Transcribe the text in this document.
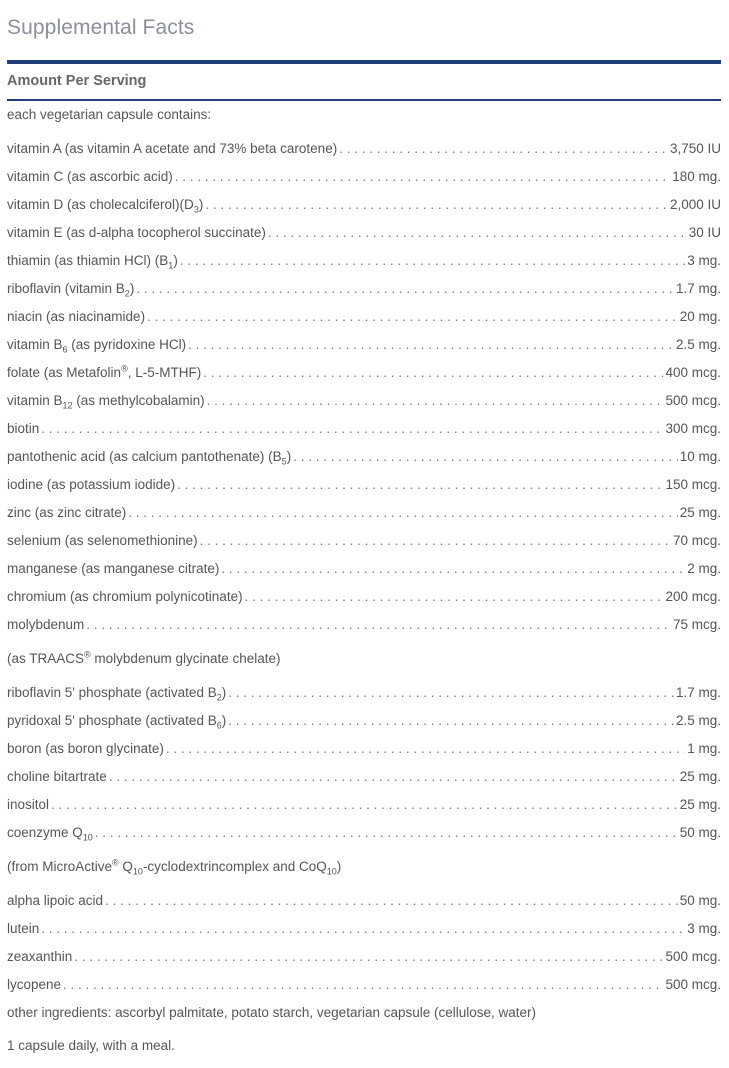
Supplemental Facts
Amount Per Serving
each vegetarian capsule contains:
vitamin A (as vitamin A acetate and 73% beta carotene) . . .	3,750 IU
vitamin C (as ascorbic acid) . . .	180 mg.
vitamin D (as $cholecalciferol)(D_3)$ . . .	2,000 IU
vitamin E (as d-alpha tocopherol succinate) . . .	30 IU
thiamin (as thiamin HCl) $(B_1)$ . . .	3 mg.
riboflavin (vitamin $B_2$) . . .	1.7 mg.
niacin (as niacinamide) . . .	20 mg.
vitamin $B_6$ (as pyridoxine HCl) . . .	2.5 mg.
folate (as Metafolin®, L-5-MTHF) . . .	400 mcg.
vitamin $B_{12}$ (as methylcobalamin) . . .	500 mcg.
biotin . . .	300 mcg.
pantothenic acid (as calcium pantothenate) $(B_5)$ . . .	10 mg.
iodine (as potassium iodide) . . .	150 mcg.
zinc (as zinc citrate) . . .	25 mg.
selenium (as selenomethionine) . . .	70 mcg.
manganese (as manganese citrate) . . .	2 mg.
chromium (as chromium polynicotinate) . . .	200 mcg.
molybdenum . . .	75 mcg.
(as TRAACS® molybdenum glycinate chelate)
riboflavin 5' phosphate (activated $B_2$) . . .	1.7 mg.
pyridoxal 5' phosphate (activated $B_6$) . . .	2.5 mg.
boron (as boron glycinate) . . .	1 mg.
choline bitartrate . . .	25 mg.
inositol . . .	25 mg.
coenzyme $Q_{10}$ . . .	50 mg.
(from MicroActive® $Q_{10}$-cyclodextrincomplex and CoQ$_{10}$)
alpha lipoic acid . . .	50 mg.
lutein . . .	3 mg.
zeaxanthin . . .	500 mcg.
lycopene . . .	500 mcg.
other ingredients: ascorbyl palmitate, potato starch, vegetarian capsule (cellulose, water)
1 capsule daily, with a meal.
